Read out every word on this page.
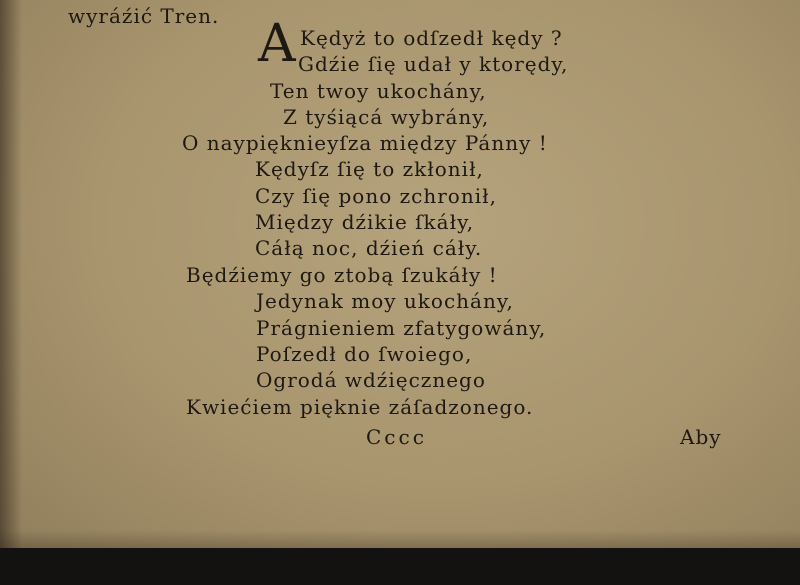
wyráźić Tren. A Kędyż to odſzedł kędy ?
Gdźie ſię udał y ktorędy,
Ten twoy ukochány,
Z tyśiącá wybrány,
O naypięknieyſza między Pánny !
Kędyſz ſię to zkłonił,
Czy ſię pono zchronił,
Między dźikie ſkáły,
Cáłą noc, dźień cáły.
Będźiemy go ztobą ſzukáły !
Jedynak moy ukochány,
Prágnieniem zfatygowány,
Poſzedł do ſwoiego,
Ogrodá wdźięcznego
Kwiećiem pięknie záſadzonego.
Cccc	Aby
